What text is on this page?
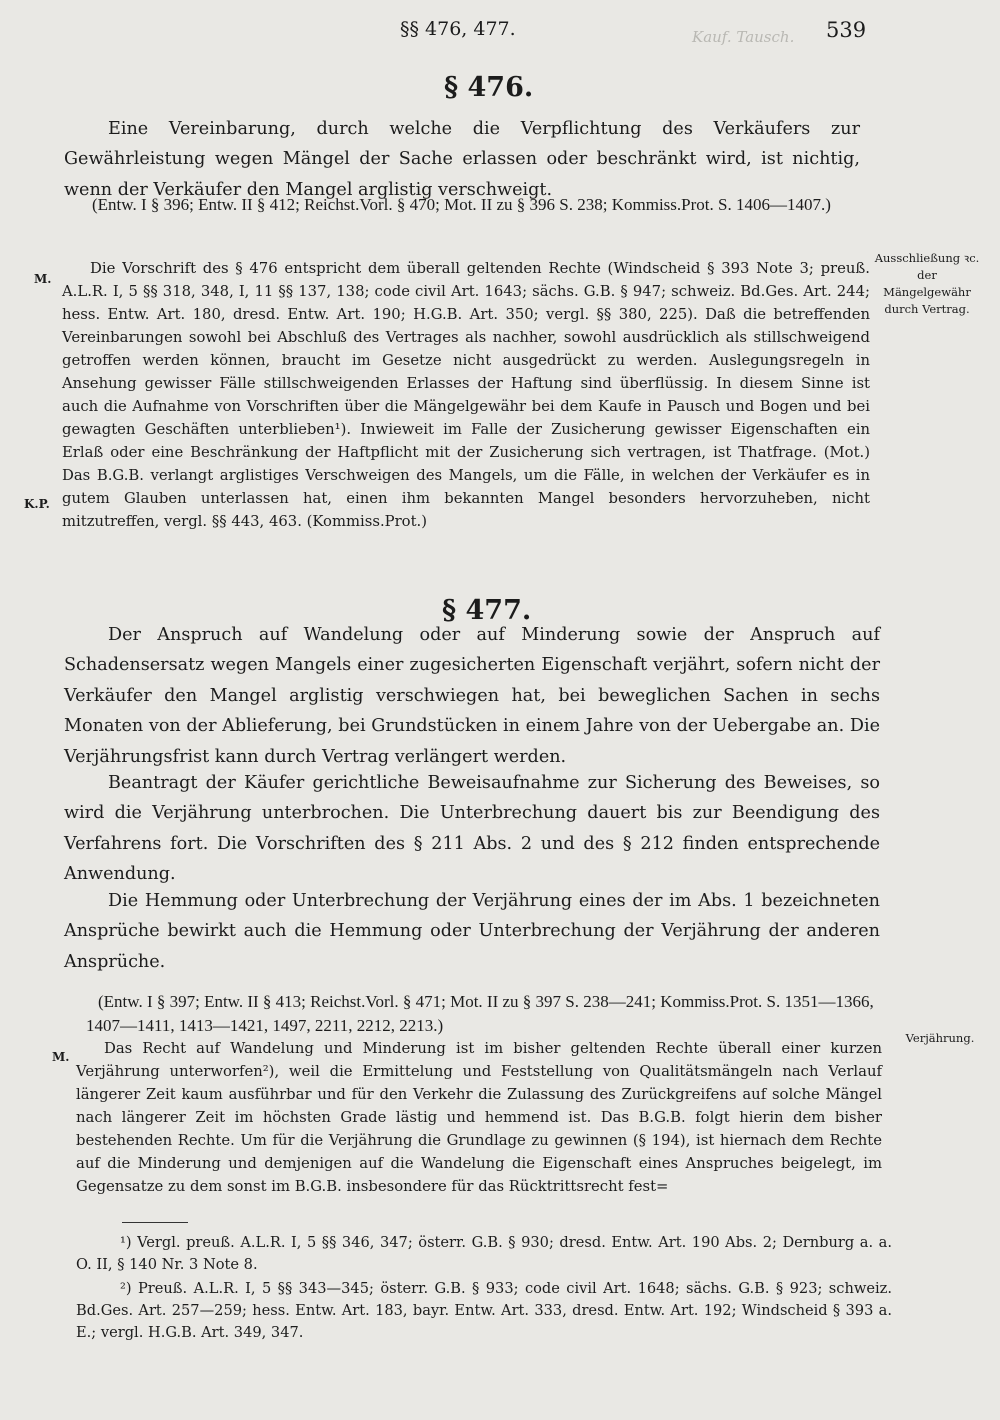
§§ 476, 477.	Kauf. Tausch. 539
§ 476.

Eine Vereinbarung, durch welche die Verpflichtung des Verkäufers zur Gewährleistung wegen Mängel der Sache erlassen oder beschränkt wird, ist nichtig, wenn der Verkäufer den Mangel arglistig verschweigt.

(Entw. I § 396; Entw. II § 412; Reichst.Vorl. § 470; Mot. II zu § 396 S. 238; Kommiss.Prot. S. 1406—1407.)

M.
K.P.
Ausschließung ꝛc. der Mängelgewähr durch Vertrag.

Die Vorschrift des § 476 entspricht dem überall geltenden Rechte (Windscheid § 393 Note 3; preuß. A.L.R. I, 5 §§ 318, 348, I, 11 §§ 137, 138; code civil Art. 1643; sächs. G.B. § 947; schweiz. Bd.Ges. Art. 244; hess. Entw. Art. 180, dresd. Entw. Art. 190; H.G.B. Art. 350; vergl. §§ 380, 225). Daß die betreffenden Vereinbarungen sowohl bei Abschluß des Vertrages als nachher, sowohl ausdrücklich als stillschweigend getroffen werden können, braucht im Gesetze nicht ausgedrückt zu werden. Auslegungsregeln in Ansehung gewisser Fälle stillschweigenden Erlasses der Haftung sind überflüssig. In diesem Sinne ist auch die Aufnahme von Vorschriften über die Mängelgewähr bei dem Kaufe in Pausch und Bogen und bei gewagten Geschäften unterblieben¹). Inwieweit im Falle der Zusicherung gewisser Eigenschaften ein Erlaß oder eine Beschränkung der Haftpflicht mit der Zusicherung sich vertragen, ist Thatfrage. (Mot.) Das B.G.B. verlangt arglistiges Verschweigen des Mangels, um die Fälle, in welchen der Verkäufer es in gutem Glauben unterlassen hat, einen ihm bekannten Mangel besonders hervorzuheben, nicht mitzutreffen, vergl. §§ 443, 463. (Kommiss.Prot.)

§ 477.

Der Anspruch auf Wandelung oder auf Minderung sowie der Anspruch auf Schadensersatz wegen Mangels einer zugesicherten Eigenschaft verjährt, sofern nicht der Verkäufer den Mangel arglistig verschwiegen hat, bei beweglichen Sachen in sechs Monaten von der Ablieferung, bei Grundstücken in einem Jahre von der Uebergabe an. Die Verjährungsfrist kann durch Vertrag verlängert werden.

Beantragt der Käufer gerichtliche Beweisaufnahme zur Sicherung des Beweises, so wird die Verjährung unterbrochen. Die Unterbrechung dauert bis zur Beendigung des Verfahrens fort. Die Vorschriften des § 211 Abs. 2 und des § 212 finden entsprechende Anwendung.

Die Hemmung oder Unterbrechung der Verjährung eines der im Abs. 1 bezeichneten Ansprüche bewirkt auch die Hemmung oder Unterbrechung der Verjährung der anderen Ansprüche.

(Entw. I § 397; Entw. II § 413; Reichst.Vorl. § 471; Mot. II zu § 397 S. 238—241; Kommiss.Prot. S. 1351—1366, 1407—1411, 1413—1421, 1497, 2211, 2212, 2213.)

M.
Verjährung.

Das Recht auf Wandelung und Minderung ist im bisher geltenden Rechte überall einer kurzen Verjährung unterworfen²), weil die Ermittelung und Feststellung von Qualitätsmängeln nach Verlauf längerer Zeit kaum ausführbar und für den Verkehr die Zulassung des Zurückgreifens auf solche Mängel nach längerer Zeit im höchsten Grade lästig und hemmend ist. Das B.G.B. folgt hierin dem bisher bestehenden Rechte. Um für die Verjährung die Grundlage zu gewinnen (§ 194), ist hiernach dem Rechte auf die Minderung und demjenigen auf die Wandelung die Eigenschaft eines Anspruches beigelegt, im Gegensatze zu dem sonst im B.G.B. insbesondere für das Rücktrittsrecht fest=

¹) Vergl. preuß. A.L.R. I, 5 §§ 346, 347; österr. G.B. § 930; dresd. Entw. Art. 190 Abs. 2; Dernburg a. a. O. II, § 140 Nr. 3 Note 8.

²) Preuß. A.L.R. I, 5 §§ 343—345; österr. G.B. § 933; code civil Art. 1648; sächs. G.B. § 923; schweiz. Bd.Ges. Art. 257—259; hess. Entw. Art. 183, bayr. Entw. Art. 333, dresd. Entw. Art. 192; Windscheid § 393 a. E.; vergl. H.G.B. Art. 349, 347.
